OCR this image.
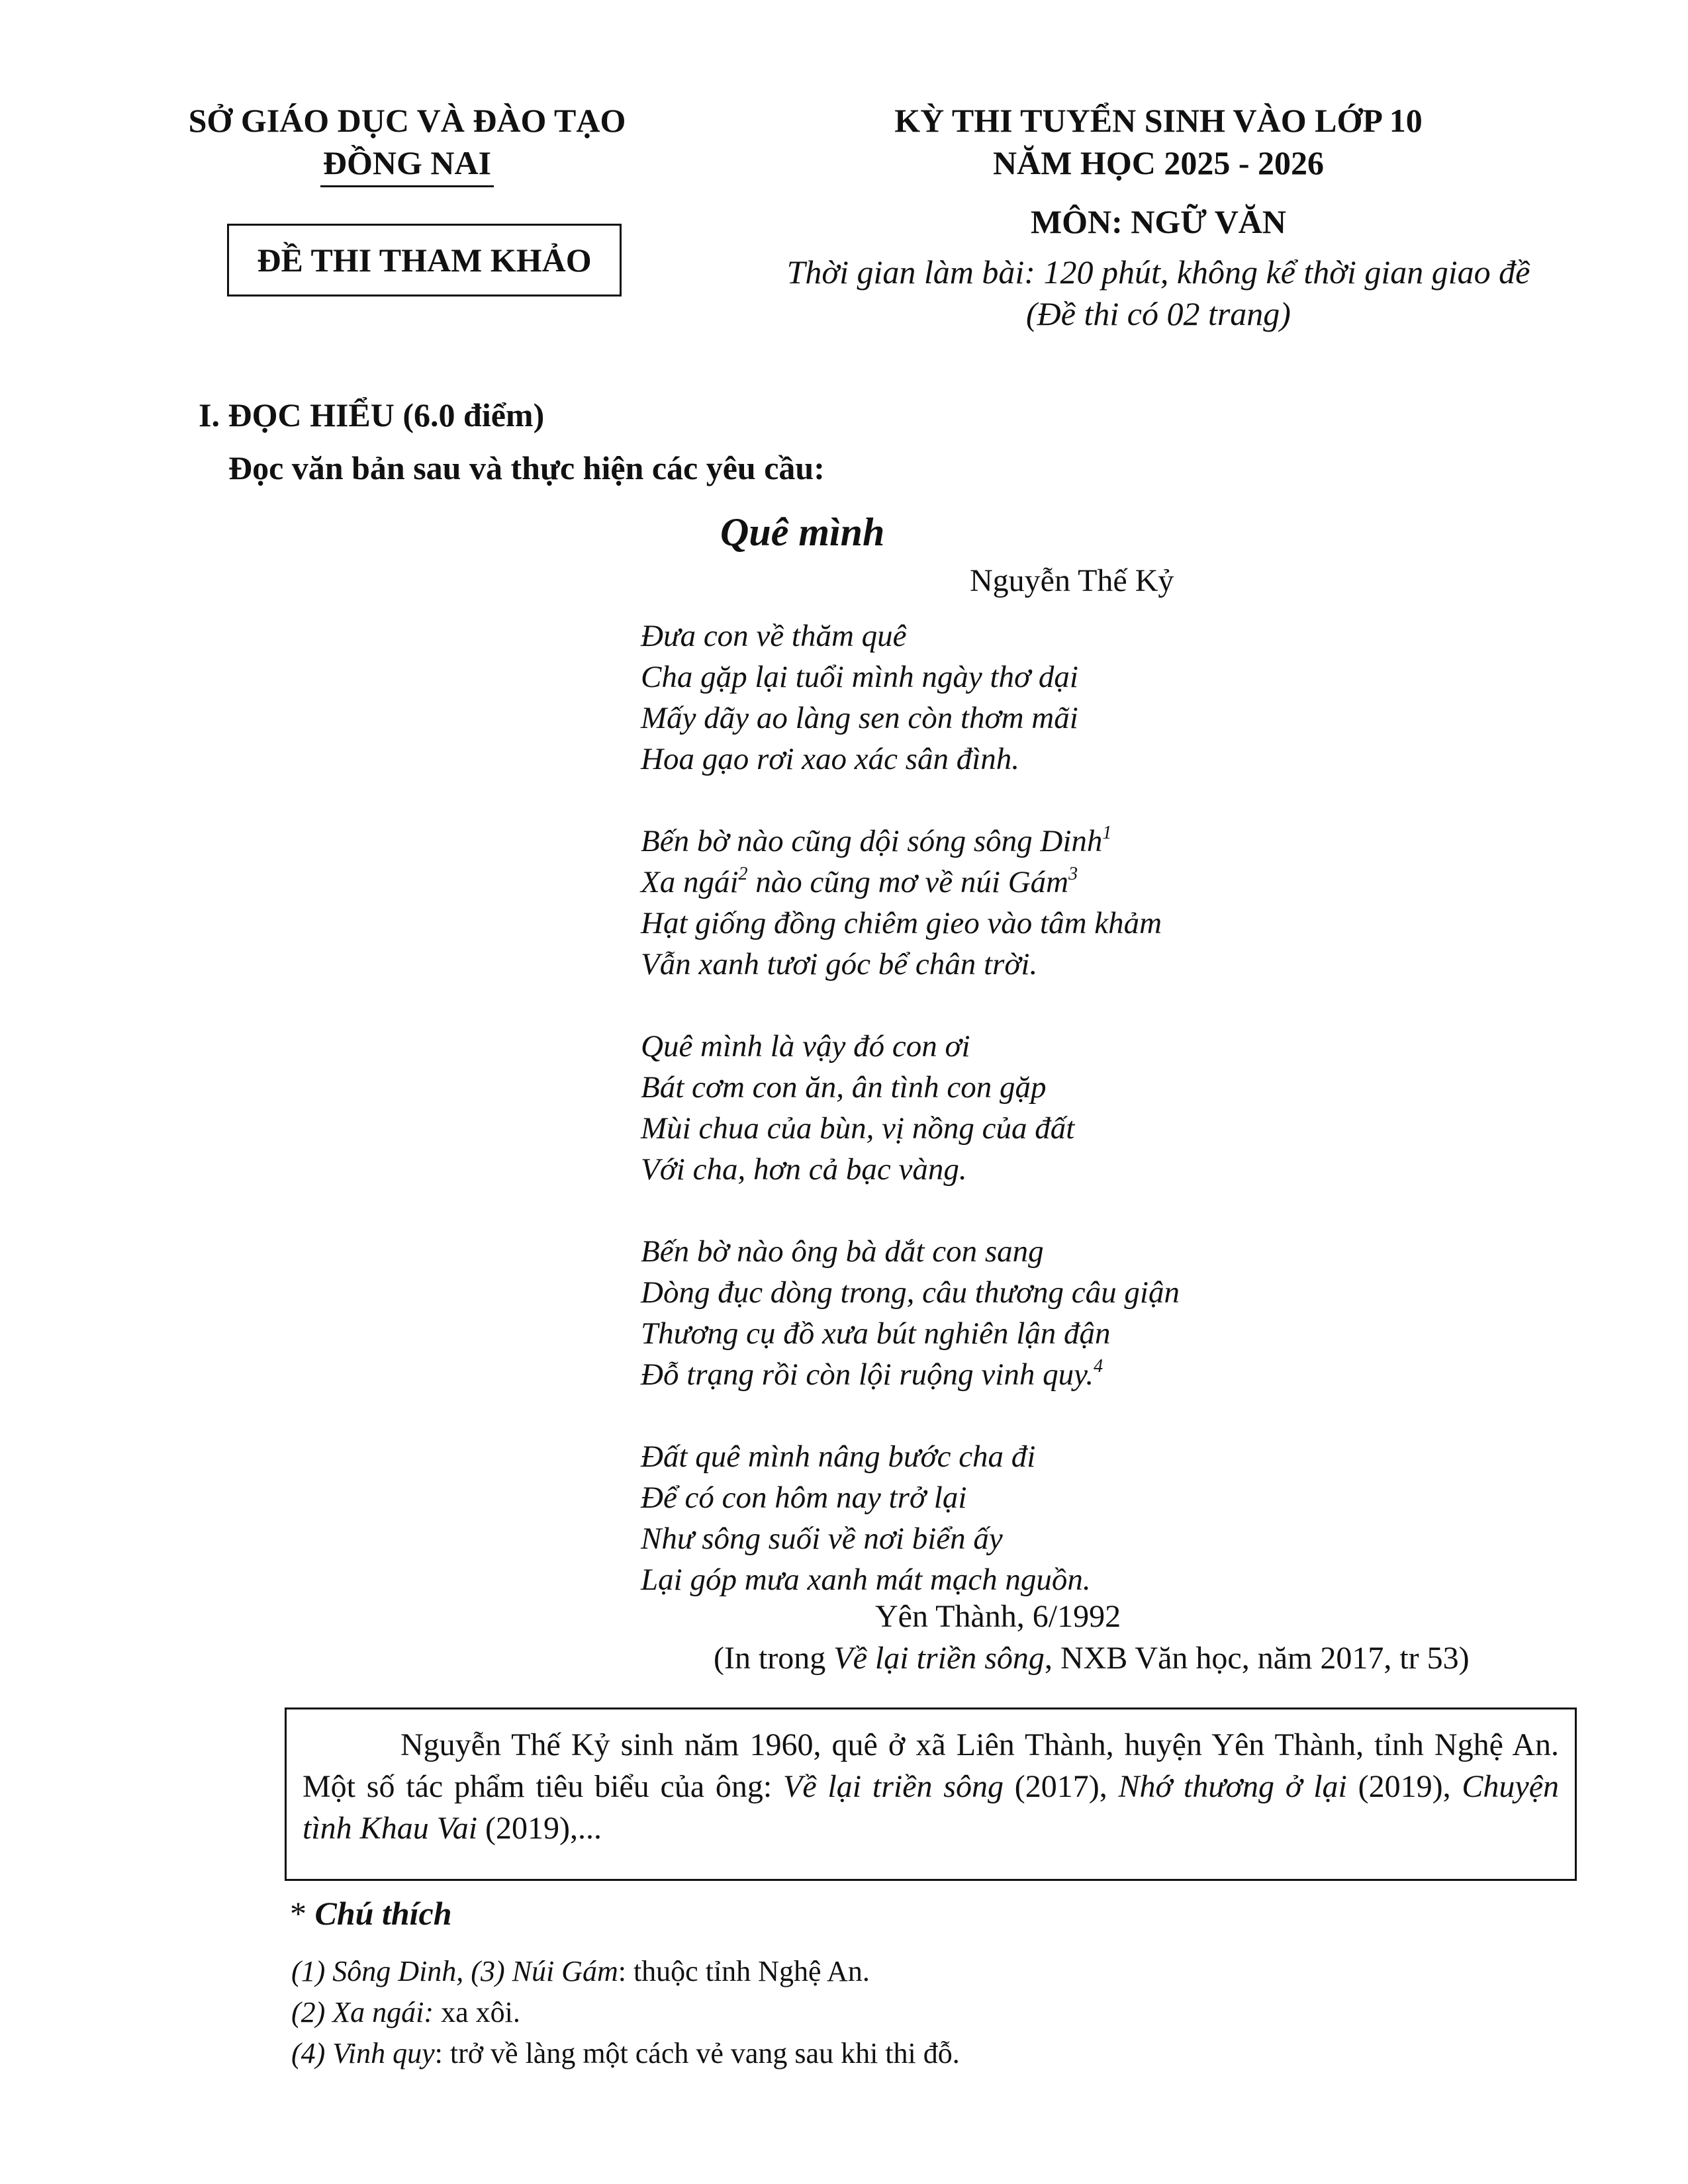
SỞ GIÁO DỤC VÀ ĐÀO TẠO
ĐỒNG NAI
ĐỀ THI THAM KHẢO
KỲ THI TUYỂN SINH VÀO LỚP 10
NĂM HỌC 2025 - 2026
MÔN: NGỮ VĂN
Thời gian làm bài: 120 phút, không kể thời gian giao đề
(Đề thi có 02 trang)
I. ĐỌC HIỂU (6.0 điểm)
Đọc văn bản sau và thực hiện các yêu cầu:
Quê mình
Nguyễn Thế Kỷ
Đưa con về thăm quê
Cha gặp lại tuổi mình ngày thơ dại
Mấy dãy ao làng sen còn thơm mãi
Hoa gạo rơi xao xác sân đình.
Bến bờ nào cũng dội sóng sông Dinh$^1$
Xa ngái$^2$ nào cũng mơ về núi Gám$^3$
Hạt giống đồng chiêm gieo vào tâm khảm
Vẫn xanh tươi góc bể chân trời.
Quê mình là vậy đó con ơi
Bát cơm con ăn, ân tình con gặp
Mùi chua của bùn, vị nồng của đất
Với cha, hơn cả bạc vàng.
Bến bờ nào ông bà dắt con sang
Dòng đục dòng trong, câu thương câu giận
Thương cụ đồ xưa bút nghiên lận đận
Đỗ trạng rồi còn lội ruộng vinh quy.$^4$
Đất quê mình nâng bước cha đi
Để có con hôm nay trở lại
Như sông suối về nơi biển ấy
Lại góp mưa xanh mát mạch nguồn.
Yên Thành, 6/1992
(In trong Về lại triền sông, NXB Văn học, năm 2017, tr 53)

Nguyễn Thế Kỷ sinh năm 1960, quê ở xã Liên Thành, huyện Yên Thành, tỉnh Nghệ An. Một số tác phẩm tiêu biểu của ông: Về lại triền sông (2017), Nhớ thương ở lại (2019), Chuyện tình Khau Vai (2019),...

* Chú thích
(1) Sông Dinh, (3) Núi Gám: thuộc tỉnh Nghệ An.
(2) Xa ngái: xa xôi.
(4) Vinh quy: trở về làng một cách vẻ vang sau khi thi đỗ.
